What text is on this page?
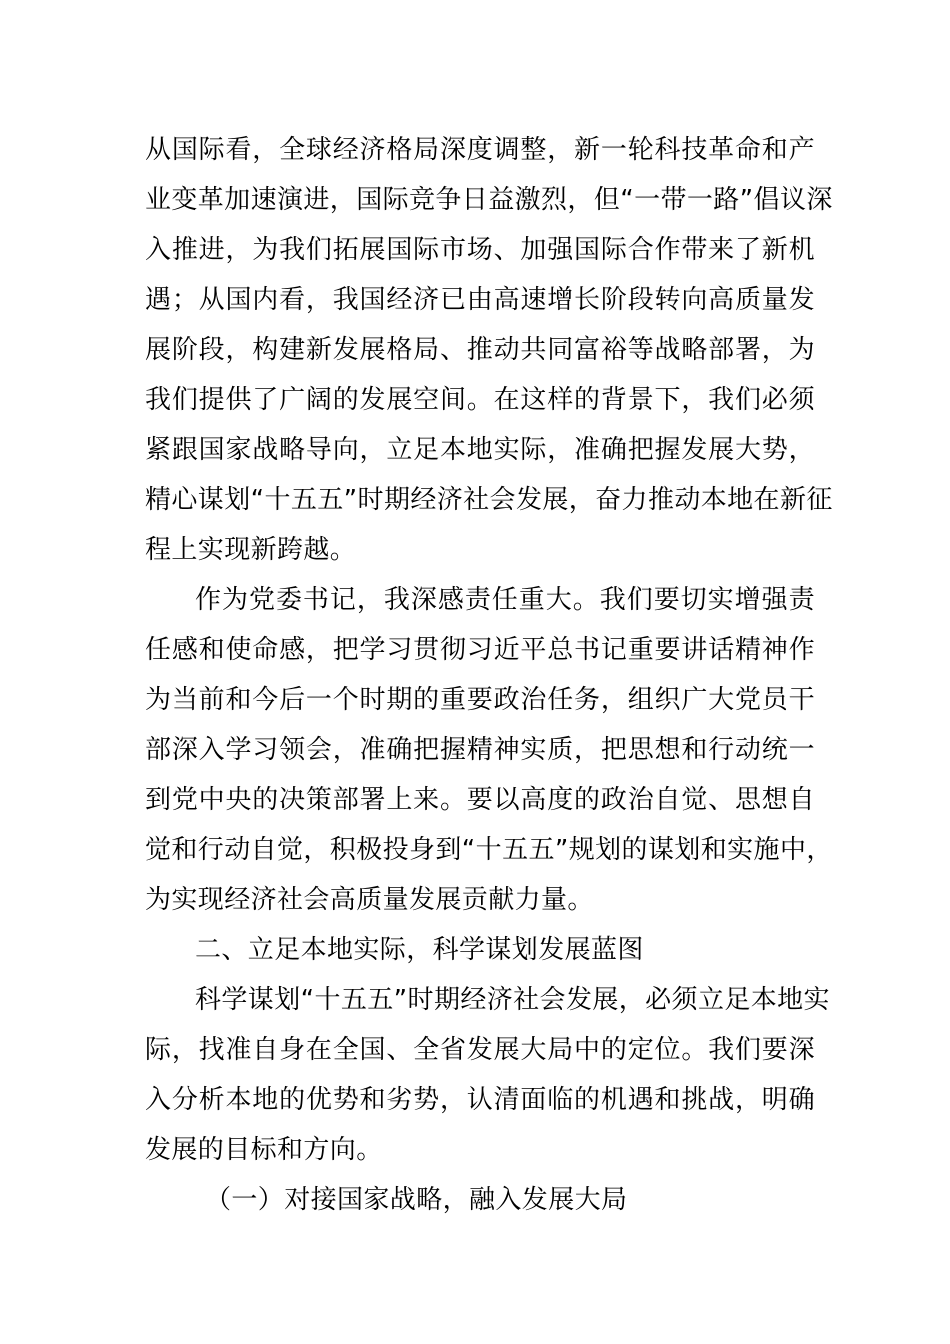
从国际看，全球经济格局深度调整，新一轮科技革命和产
业变革加速演进，国际竞争日益激烈，但“一带一路”倡议深
入推进，为我们拓展国际市场、加强国际合作带来了新机
遇；从国内看，我国经济已由高速增长阶段转向高质量发
展阶段，构建新发展格局、推动共同富裕等战略部署，为
我们提供了广阔的发展空间。在这样的背景下，我们必须
紧跟国家战略导向，立足本地实际，准确把握发展大势，
精心谋划“十五五”时期经济社会发展，奋力推动本地在新征
程上实现新跨越。
作为党委书记，我深感责任重大。我们要切实增强责
任感和使命感，把学习贯彻习近平总书记重要讲话精神作
为当前和今后一个时期的重要政治任务，组织广大党员干
部深入学习领会，准确把握精神实质，把思想和行动统一
到党中央的决策部署上来。要以高度的政治自觉、思想自
觉和行动自觉，积极投身到“十五五”规划的谋划和实施中，
为实现经济社会高质量发展贡献力量。
二、立足本地实际，科学谋划发展蓝图
科学谋划“十五五”时期经济社会发展，必须立足本地实
际，找准自身在全国、全省发展大局中的定位。我们要深
入分析本地的优势和劣势，认清面临的机遇和挑战，明确
发展的目标和方向。
（一）对接国家战略，融入发展大局
